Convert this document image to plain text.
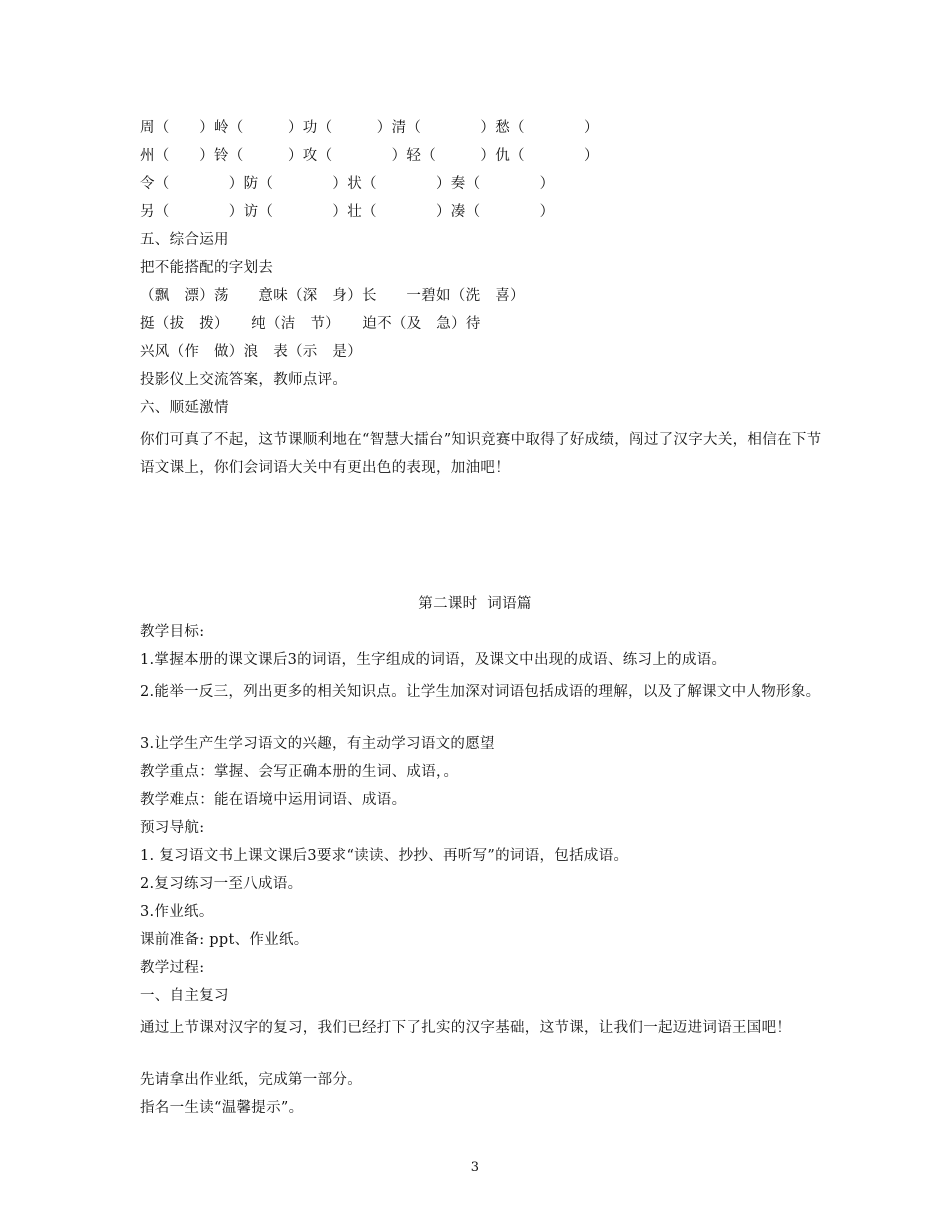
周（　　）岭（　　　）功（　　　）清（　　　　）愁（　　　　）
州（　　）铃（　　　）攻（　　　　）轻（　　　）仇（　　　　）
令（　　　　）防（　　　　）状（　　　　）奏（　　　　）
另（　　　　）访（　　　　）壮（　　　　）凑（　　　　）
五、综合运用
把不能搭配的字划去
（飘　漂）荡　　意味（深　身）长　　一碧如（洗　喜）
挺（拔　拨）　　纯（洁　节）　　迫不（及　急）待
兴风（作　做）浪　表（示　是）
投影仪上交流答案，教师点评。
六、顺延激情
你们可真了不起，这节课顺利地在“智慧大擂台”知识竞赛中取得了好成绩，闯过了汉字大关，相信在下节语文课上，你们会词语大关中有更出色的表现，加油吧！
第二课时  词语篇
教学目标:
1.掌握本册的课文课后3的词语，生字组成的词语，及课文中出现的成语、练习上的成语。
2.能举一反三，列出更多的相关知识点。让学生加深对词语包括成语的理解，以及了解课文中人物形象。
3.让学生产生学习语文的兴趣，有主动学习语文的愿望
教学重点：掌握、会写正确本册的生词、成语，。
教学难点：能在语境中运用词语、成语。
预习导航:
1. 复习语文书上课文课后3要求“读读、抄抄、再听写”的词语，包括成语。
2.复习练习一至八成语。
3.作业纸。
课前准备: ppt、作业纸。
教学过程:
一、自主复习
通过上节课对汉字的复习，我们已经打下了扎实的汉字基础，这节课，让我们一起迈进词语王国吧！
先请拿出作业纸，完成第一部分。
指名一生读“温馨提示”。
3
